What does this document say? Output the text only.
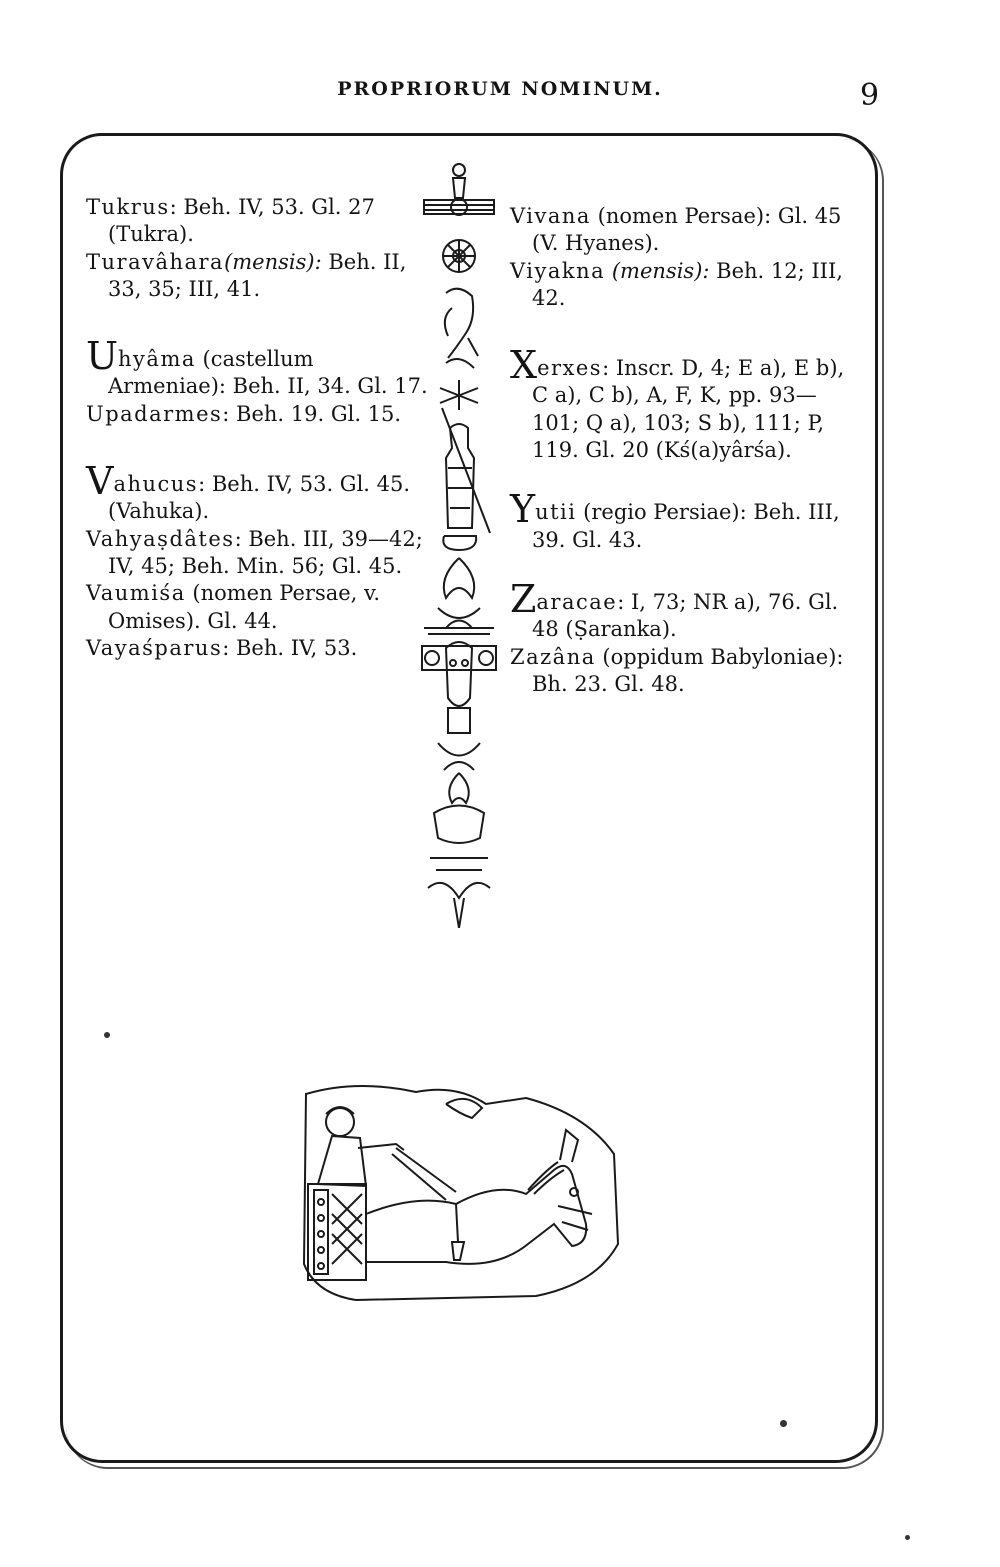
PROPRIORUM NOMINUM.	9
Tukrus: Beh. IV, 53. Gl. 27 (Tukra).
Turavâhara(mensis): Beh. II, 33, 35; III, 41.
Uhyâma (castellum Armeniae): Beh. II, 34. Gl. 17.
Upadarmes: Beh. 19. Gl. 15.
Vahucus: Beh. IV, 53. Gl. 45. (Vahuka).
Vahyaṣdâtes: Beh. III, 39—42; IV, 45; Beh. Min. 56; Gl. 45.
Vaumiśa (nomen Persae, v. Omises). Gl. 44.
Vayaśparus: Beh. IV, 53.
Vivana (nomen Persae): Gl. 45 (V. Hyanes).
Viyakna (mensis): Beh. 12; III, 42.
Xerxes: Inscr. D, 4; E a), E b), C a), C b), A, F, K, pp. 93—101; Q a), 103; S b), 111; P, 119. Gl. 20 (Kś(a)yârśa).
Yutii (regio Persiae): Beh. III, 39. Gl. 43.
Zaracae: I, 73; NR a), 76. Gl. 48 (Ṣaranka).
Zazâna (oppidum Babyloniae): Bh. 23. Gl. 48.
